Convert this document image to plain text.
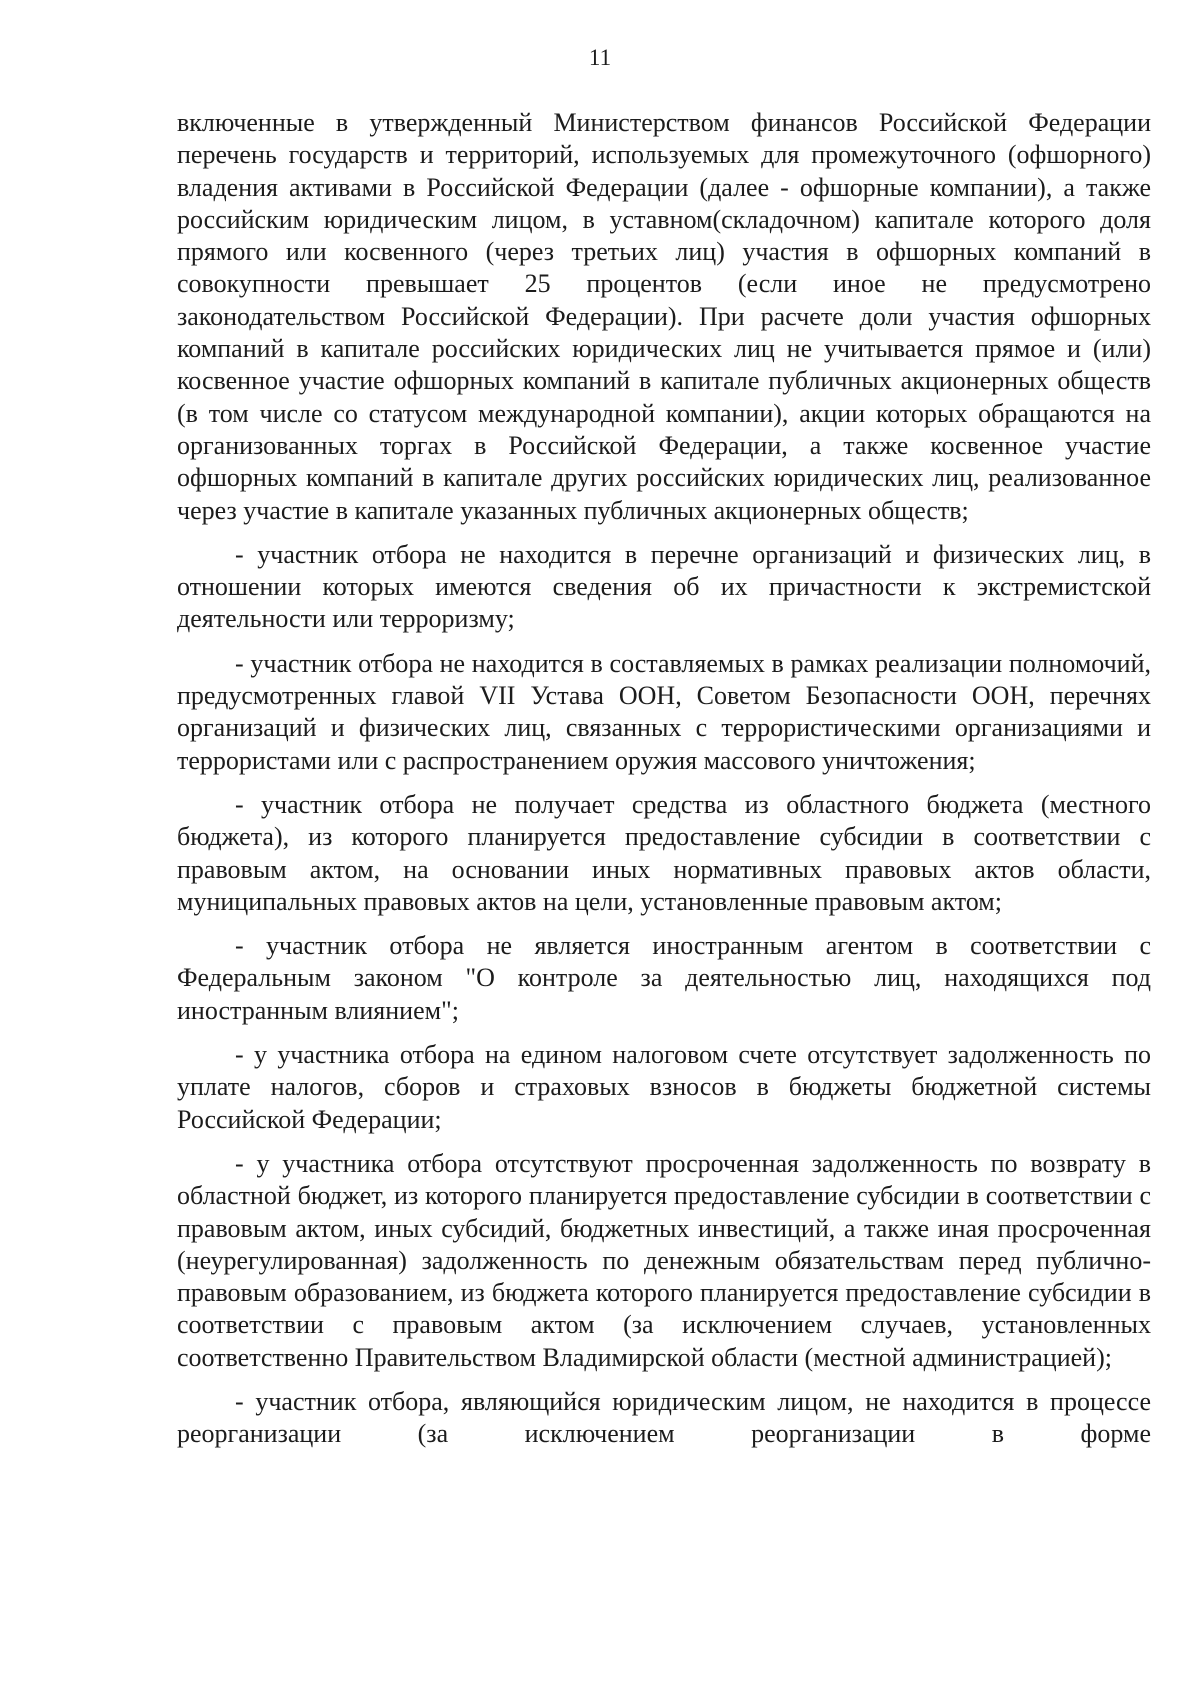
11

включенные в утвержденный Министерством финансов Российской Федерации перечень государств и территорий, используемых для промежуточного (офшорного) владения активами в Российской Федерации (далее - офшорные компании), а также российским юридическим лицом, в уставном(складочном) капитале которого доля прямого или косвенного (через третьих лиц) участия в офшорных компаний в совокупности превышает 25 процентов (если иное не предусмотрено законодательством Российской Федерации). При расчете доли участия офшорных компаний в капитале российских юридических лиц не учитывается прямое и (или) косвенное участие офшорных компаний в капитале публичных акционерных обществ (в том числе со статусом международной компании), акции которых обращаются на организованных торгах в Российской Федерации, а также косвенное участие офшорных компаний в капитале других российских юридических лиц, реализованное через участие в капитале указанных публичных акционерных обществ;

- участник отбора не находится в перечне организаций и физических лиц, в отношении которых имеются сведения об их причастности к экстремистской деятельности или терроризму;

- участник отбора не находится в составляемых в рамках реализации полномочий, предусмотренных главой VII Устава ООН, Советом Безопасности ООН, перечнях организаций и физических лиц, связанных с террористическими организациями и террористами или с распространением оружия массового уничтожения;

- участник отбора не получает средства из областного бюджета (местного бюджета), из которого планируется предоставление субсидии в соответствии с правовым актом, на основании иных нормативных правовых актов области, муниципальных правовых актов на цели, установленные правовым актом;

- участник отбора не является иностранным агентом в соответствии с Федеральным законом "О контроле за деятельностью лиц, находящихся под иностранным влиянием";

- у участника отбора на едином налоговом счете отсутствует задолженность по уплате налогов, сборов и страховых взносов в бюджеты бюджетной системы Российской Федерации;

- у участника отбора отсутствуют просроченная задолженность по возврату в областной бюджет, из которого планируется предоставление субсидии в соответствии с правовым актом, иных субсидий, бюджетных инвестиций, а также иная просроченная (неурегулированная) задолженность по денежным обязательствам перед публично-правовым образованием, из бюджета которого планируется предоставление субсидии в соответствии с правовым актом (за исключением случаев, установленных соответственно Правительством Владимирской области (местной администрацией);

- участник отбора, являющийся юридическим лицом, не находится в процессе реорганизации (за исключением реорганизации в форме
